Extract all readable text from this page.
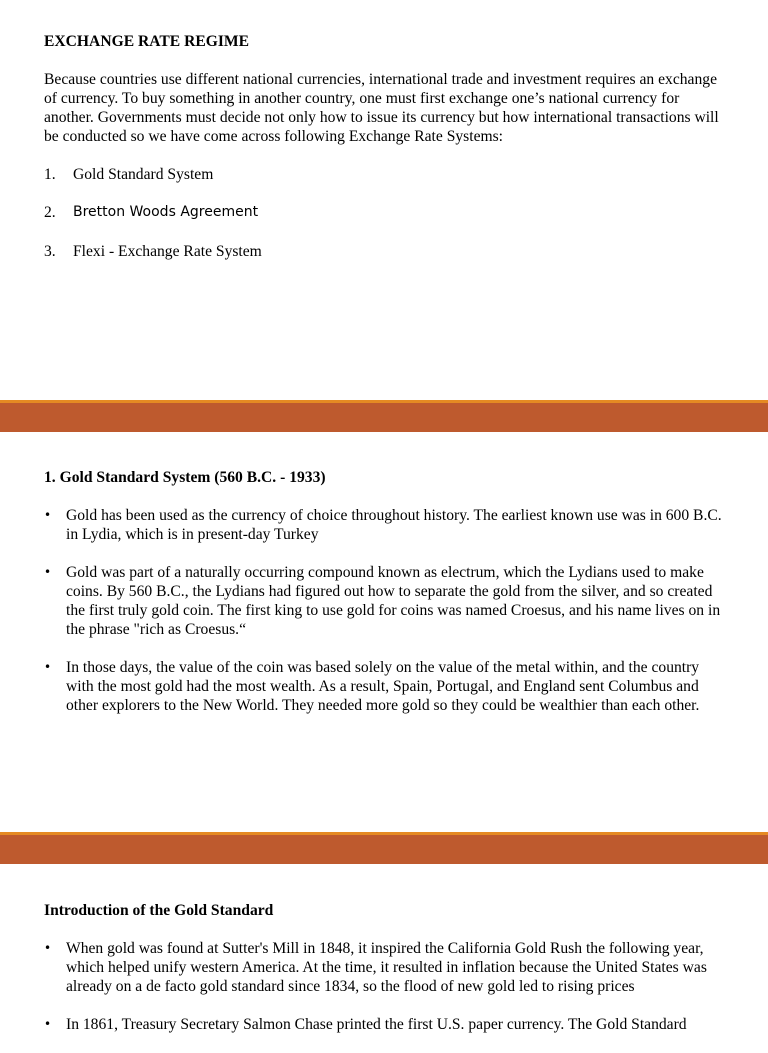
EXCHANGE RATE REGIME

Because countries use different national currencies, international trade and investment requires an exchange of currency. To buy something in another country, one must first exchange one’s national currency for another. Governments must decide not only how to issue its currency but how international transactions will be conducted so we have come across following Exchange Rate Systems:

1.	Gold Standard System
2.	Bretton Woods Agreement
3.	Flexi - Exchange Rate System
1. Gold Standard System (560 B.C. - 1933)
• Gold has been used as the currency of choice throughout history. The earliest known use was in 600 B.C. in Lydia, which is in present-day Turkey
• Gold was part of a naturally occurring compound known as electrum, which the Lydians used to make coins. By 560 B.C., the Lydians had figured out how to separate the gold from the silver, and so created the first truly gold coin. The first king to use gold for coins was named Croesus, and his name lives on in the phrase "rich as Croesus.“
• In those days, the value of the coin was based solely on the value of the metal within, and the country with the most gold had the most wealth. As a result, Spain, Portugal, and England sent Columbus and other explorers to the New World. They needed more gold so they could be wealthier than each other.
Introduction of the Gold Standard
• When gold was found at Sutter's Mill in 1848, it inspired the California Gold Rush the following year, which helped unify western America. At the time, it resulted in inflation because the United States was already on a de facto gold standard since 1834, so the flood of new gold led to rising prices
• In 1861, Treasury Secretary Salmon Chase printed the first U.S. paper currency. The Gold Standard
